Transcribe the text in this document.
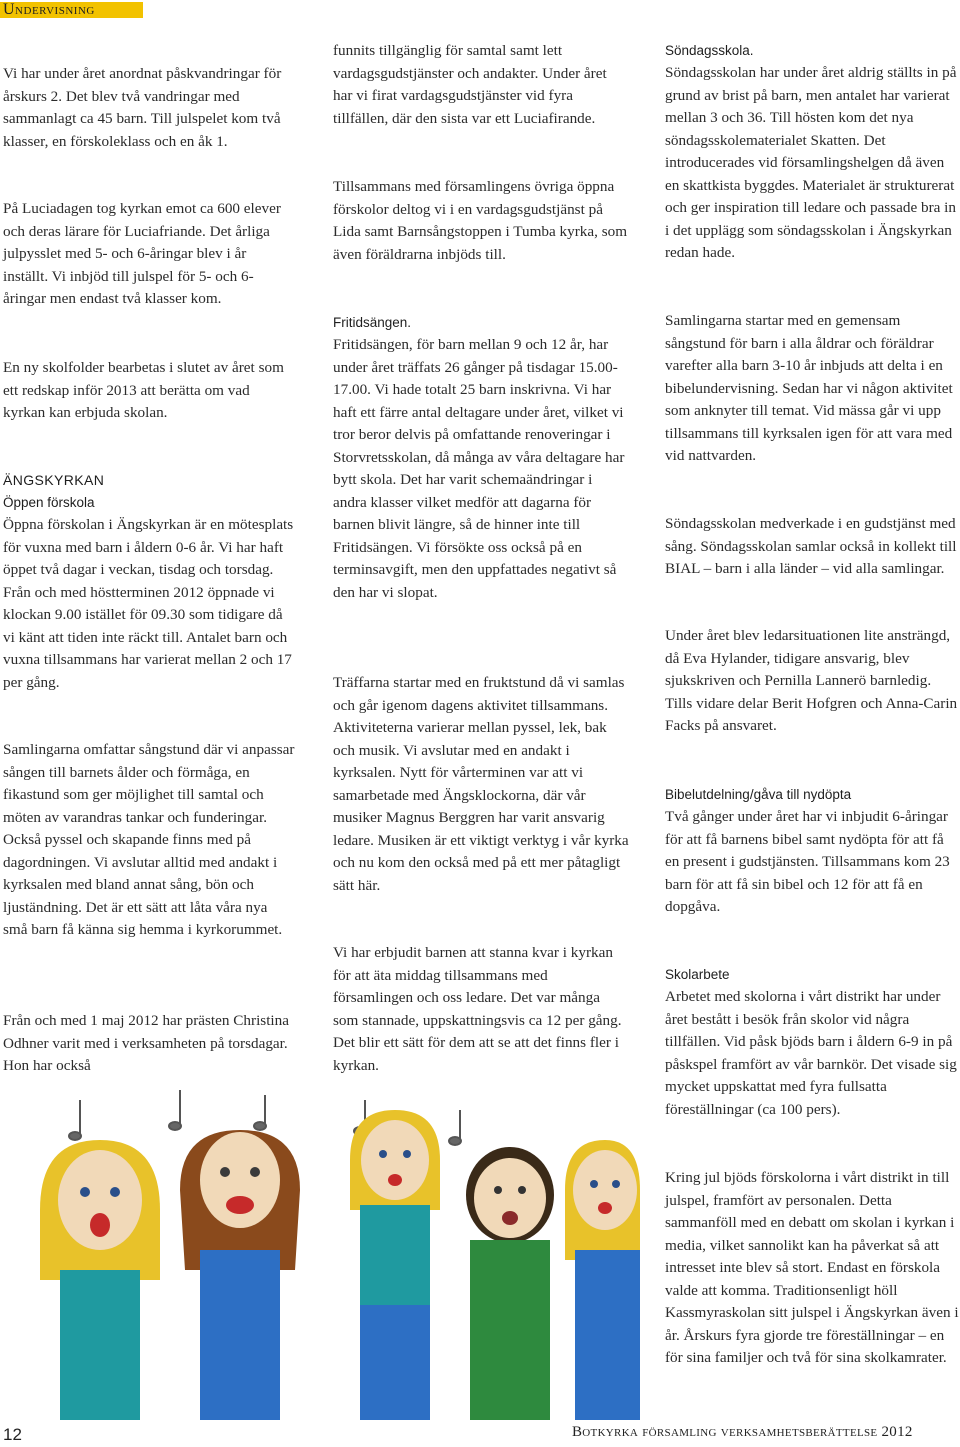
Undervisning

Vi har under året anordnat påskvandringar för årskurs 2. Det blev två vandringar med sammanlagt ca 45 barn. Till julspelet kom två klasser, en förskoleklass och en åk 1.

På Luciadagen tog kyrkan emot ca 600 elever och deras lärare för Luciafriande. Det årliga julpysslet med 5- och 6-åringar blev i år inställt. Vi inbjöd till julspel för 5- och 6-åringar men endast två klasser kom.

En ny skolfolder bearbetas i slutet av året som ett redskap inför 2013 att berätta om vad kyrkan kan erbjuda skolan.

ÄNGSKYRKAN
Öppen förskola

Öppna förskolan i Ängskyrkan är en mötesplats för vuxna med barn i åldern 0-6 år. Vi har haft öppet två dagar i veckan, tisdag och torsdag. Från och med höstterminen 2012 öppnade vi klockan 9.00 istället för 09.30 som tidigare då vi känt att tiden inte räckt till. Antalet barn och vuxna tillsammans har varierat mellan 2 och 17 per gång.

Samlingarna omfattar sångstund där vi anpassar sången till barnets ålder och förmåga, en fikastund som ger möjlighet till samtal och möten av varandras tankar och funderingar. Också pyssel och skapande finns med på dagordningen. Vi avslutar alltid med andakt i kyrksalen med bland annat sång, bön och ljuständning. Det är ett sätt att låta våra nya små barn få känna sig hemma i kyrkorummet.

Från och med 1 maj 2012 har prästen Christina Odhner varit med i verksamheten på torsdagar. Hon har också

funnits tillgänglig för samtal samt lett vardagsgudstjänster och andakter. Under året har vi firat vardagsgudstjänster vid fyra tillfällen, där den sista var ett Luciafirande.

Tillsammans med församlingens övriga öppna förskolor deltog vi i en vardagsgudstjänst på Lida samt Barnsångstoppen i Tumba kyrka, som även föräldrarna inbjöds till.

Fritidsängen.

Fritidsängen, för barn mellan 9 och 12 år, har under året träffats 26 gånger på tisdagar 15.00-17.00. Vi hade totalt 25 barn inskrivna. Vi har haft ett färre antal deltagare under året, vilket vi tror beror delvis på omfattande renoveringar i Storvretsskolan, då många av våra deltagare har bytt skola. Det har varit schemaändringar i andra klasser vilket medför att dagarna för barnen blivit längre, så de hinner inte till Fritidsängen. Vi försökte oss också på en terminsavgift, men den uppfattades negativt så den har vi slopat.

Träffarna startar med en fruktstund då vi samlas och går igenom dagens aktivitet tillsammans. Aktiviteterna varierar mellan pyssel, lek, bak och musik. Vi avslutar med en andakt i kyrksalen. Nytt för vårterminen var att vi samarbetade med Ängsklockorna, där vår musiker Magnus Berggren har varit ansvarig ledare. Musiken är ett viktigt verktyg i vår kyrka och nu kom den också med på ett mer påtagligt sätt här.

Vi har erbjudit barnen att stanna kvar i kyrkan för att äta middag tillsammans med församlingen och oss ledare. Det var många som stannade, uppskattningsvis ca 12 per gång. Det blir ett sätt för dem att se att det finns fler i kyrkan.

Söndagsskola.

Söndagsskolan har under året aldrig ställts in på grund av brist på barn, men antalet har varierat mellan 3 och 36. Till hösten kom det nya söndagsskolematerialet Skatten. Det introducerades vid församlingshelgen då även en skattkista byggdes. Materialet är strukturerat och ger inspiration till ledare och passade bra in i det upplägg som söndagsskolan i Ängskyrkan redan hade.

Samlingarna startar med en gemensam sångstund för barn i alla åldrar och föräldrar varefter alla barn 3-10 år inbjuds att delta i en bibelundervisning. Sedan har vi någon aktivitet som anknyter till temat. Vid mässa går vi upp tillsammans till kyrksalen igen för att vara med vid nattvarden.

Söndagsskolan medverkade i en gudstjänst med sång. Söndagsskolan samlar också in kollekt till BIAL – barn i alla länder – vid alla samlingar.

Under året blev ledarsituationen lite ansträngd, då Eva Hylander, tidigare ansvarig, blev sjukskriven och Pernilla Lannerö barnledig. Tills vidare delar Berit Hofgren och Anna-Carin Facks på ansvaret.

Bibelutdelning/gåva till nydöpta

Två gånger under året har vi inbjudit 6-åringar för att få barnens bibel samt nydöpta för att få en present i gudstjänsten. Tillsammans kom 23 barn för att få sin bibel och 12 för att få en dopgåva.

Skolarbete

Arbetet med skolorna i vårt distrikt har under året bestått i besök från skolor vid några tillfällen. Vid påsk bjöds barn i åldern 6-9 in på påskspel framfört av vår barnkör. Det visade sig mycket uppskattat med fyra fullsatta föreställningar (ca 100 pers).

Kring jul bjöds förskolorna i vårt distrikt in till julspel, framfört av personalen. Detta sammanföll med en debatt om skolan i kyrkan i media, vilket sannolikt kan ha påverkat så att intresset inte blev så stort. Endast en förskola valde att komma. Traditionsenligt höll Kassmyraskolan sitt julspel i Ängskyrkan även i år. Årskurs fyra gjorde tre föreställningar – en för sina familjer och två för sina skolkamrater.

12	Botkyrka församling verksamhetsberättelse 2012
